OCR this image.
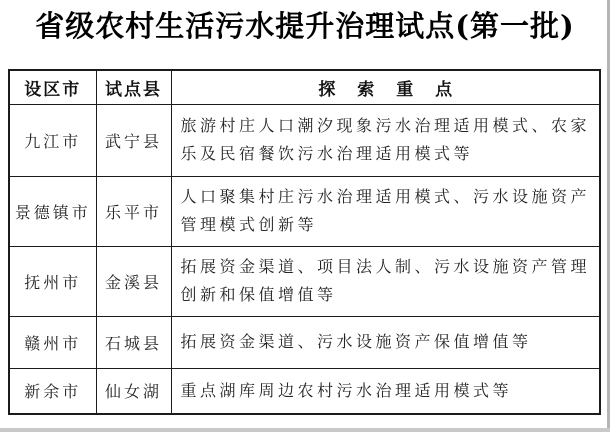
省级农村生活污水提升治理试点(第一批)
设区市	试点县	探 索 重 点
九江市	武宁县	旅游村庄人口潮汐现象污水治理适用模式、农家乐及民宿餐饮污水治理适用模式等
景德镇市	乐平市	人口聚集村庄污水治理适用模式、污水设施资产管理模式创新等
抚州市	金溪县	拓展资金渠道、项目法人制、污水设施资产管理创新和保值增值等
赣州市	石城县	拓展资金渠道、污水设施资产保值增值等
新余市	仙女湖	重点湖库周边农村污水治理适用模式等
